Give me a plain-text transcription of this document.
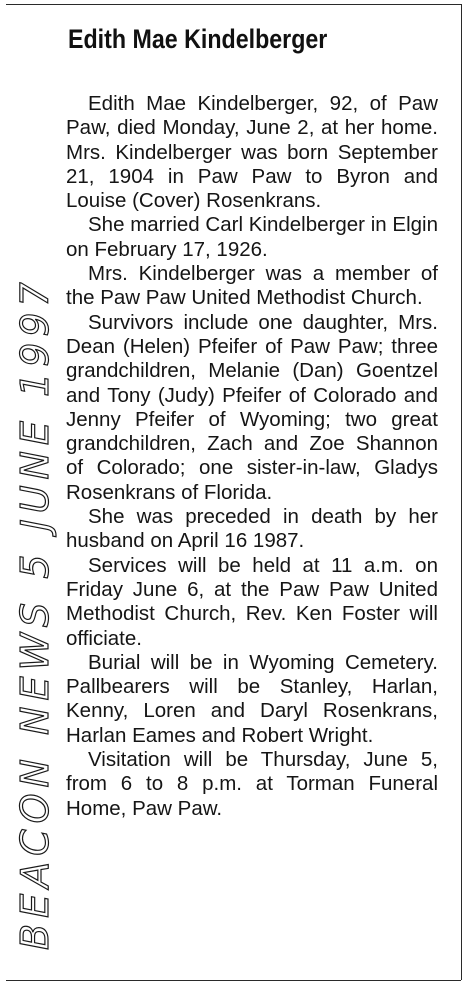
Edith Mae Kindelberger

Edith Mae Kindelberger, 92, of Paw Paw, died Monday, June 2, at her home. Mrs. Kindelberger was born September 21, 1904 in Paw Paw to Byron and Louise (Cover) Rosenkrans.

She married Carl Kindelberger in Elgin on February 17, 1926.

Mrs. Kindelberger was a member of the Paw Paw United Methodist Church.

Survivors include one daughter, Mrs. Dean (Helen) Pfeifer of Paw Paw; three grandchildren, Melanie (Dan) Goentzel and Tony (Judy) Pfeifer of Colorado and Jenny Pfeifer of Wyoming; two great grandchildren, Zach and Zoe Shannon of Colorado; one sister-in-law, Gladys Rosenkrans of Florida.

She was preceded in death by her husband on April 16 1987.

Services will be held at 11 a.m. on Friday June 6, at the Paw Paw United Methodist Church, Rev. Ken Foster will officiate.

Burial will be in Wyoming Cemetery. Pallbearers will be Stanley, Harlan, Kenny, Loren and Daryl Rosenkrans, Harlan Eames and Robert Wright.

Visitation will be Thursday, June 5, from 6 to 8 p.m. at Torman Funeral Home, Paw Paw.

BEACON NEWS 5 JUNE 1997
